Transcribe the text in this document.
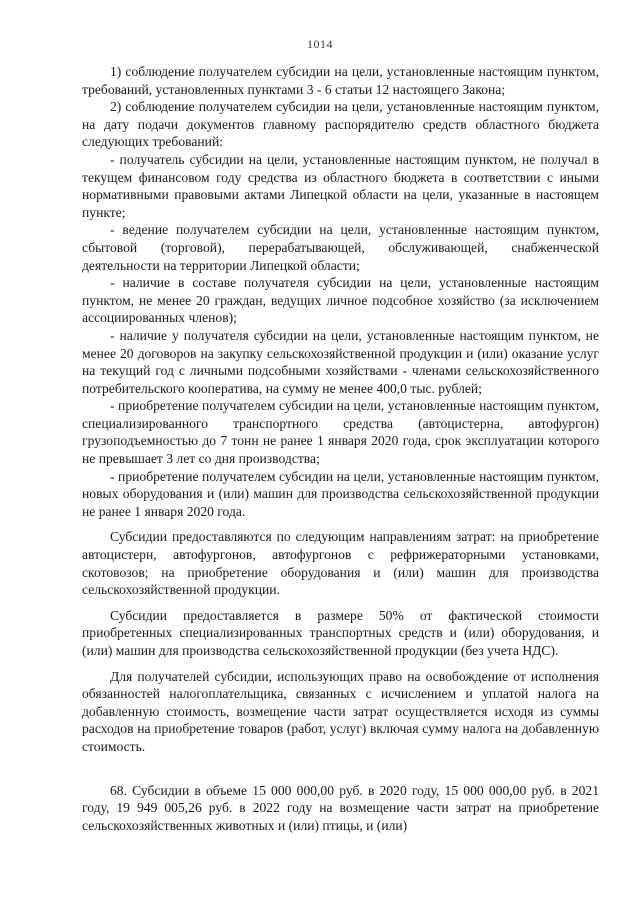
1014

1) соблюдение получателем субсидии на цели, установленные настоящим пунктом, требований, установленных пунктами 3 - 6 статьи 12 настоящего Закона;

2) соблюдение получателем субсидии на цели, установленные настоящим пунктом, на дату подачи документов главному распорядителю средств областного бюджета следующих требований:

- получатель субсидии на цели, установленные настоящим пунктом, не получал в текущем финансовом году средства из областного бюджета в соответствии с иными нормативными правовыми актами Липецкой области на цели, указанные в настоящем пункте;

- ведение получателем субсидии на цели, установленные настоящим пунктом, сбытовой (торговой), перерабатывающей, обслуживающей, снабженческой деятельности на территории Липецкой области;

- наличие в составе получателя субсидии на цели, установленные настоящим пунктом, не менее 20 граждан, ведущих личное подсобное хозяйство (за исключением ассоциированных членов);

- наличие у получателя субсидии на цели, установленные настоящим пунктом, не менее 20 договоров на закупку сельскохозяйственной продукции и (или) оказание услуг на текущий год с личными подсобными хозяйствами - членами сельскохозяйственного потребительского кооператива, на сумму не менее 400,0 тыс. рублей;

- приобретение получателем субсидии на цели, установленные настоящим пунктом, специализированного транспортного средства (автоцистерна, автофургон) грузоподъемностью до 7 тонн не ранее 1 января 2020 года, срок эксплуатации которого не превышает 3 лет со дня производства;

- приобретение получателем субсидии на цели, установленные настоящим пунктом, новых оборудования и (или) машин для производства сельскохозяйственной продукции не ранее 1 января 2020 года.

Субсидии предоставляются по следующим направлениям затрат: на приобретение автоцистерн, автофургонов, автофургонов с рефрижераторными установками, скотовозов; на приобретение оборудования и (или) машин для производства сельскохозяйственной продукции.

Субсидии предоставляется в размере 50% от фактической стоимости приобретенных специализированных транспортных средств и (или) оборудования, и (или) машин для производства сельскохозяйственной продукции (без учета НДС).

Для получателей субсидии, использующих право на освобождение от исполнения обязанностей налогоплательщика, связанных с исчислением и уплатой налога на добавленную стоимость, возмещение части затрат осуществляется исходя из суммы расходов на приобретение товаров (работ, услуг) включая сумму налога на добавленную стоимость.

68. Субсидии в объеме 15 000 000,00 руб. в 2020 году, 15 000 000,00 руб. в 2021 году, 19 949 005,26 руб. в 2022 году на возмещение части затрат на приобретение сельскохозяйственных животных и (или) птицы, и (или)
